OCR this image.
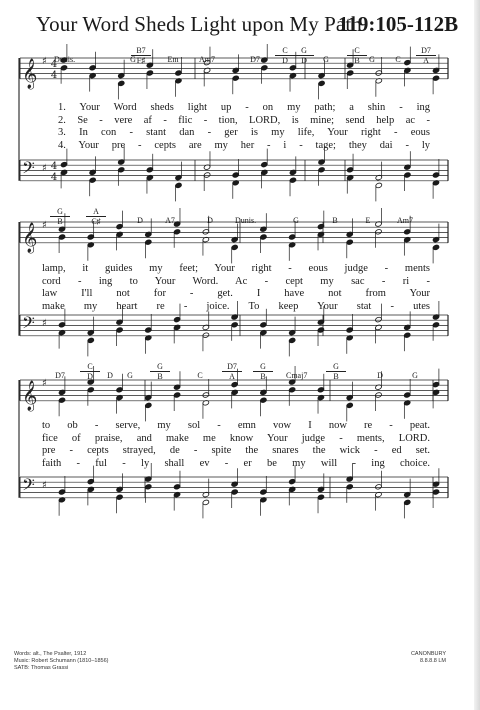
Your Word Sheds Light upon My Path
119:105-112B
𝄞 ♯ 4
4
𝄢 ♯ 4
4
𝄞 ♯
𝄢 ♯
𝄞 ♯
𝄢 ♯
Dunis.	G
B7
F♯	Em	Am7	D7
C
D
G
D	G
C
B	G	C
D7
A
1. Your Word sheds light up - on my path; a shin - ing
2. Se - vere af - flic - tion, LORD, is mine; send help ac -
3. In con - stant dan - ger is my life, Your right - eous
4. Your pre - cepts are my her - i - tage; they dai - ly
G
B
A
C♯	D	A7	D	Dunis.	G	B	E	Am7
lamp, it guides my feet; Your right - eous judge - ments
cord - ing to Your Word. Ac - cept my sac - ri -
law I'll not for - get. I have not from Your
make my heart re - joice. To keep Your stat - utes
D7
C
D	D	G
G
B	C
D7
A
G
B	Cmaj7
G
B	D	G
to ob - serve, my sol - emn vow I now re - peat.
fice of praise, and make me know Your judge - ments, LORD.
pre - cepts strayed, de - spite the snares the wick - ed set.
faith - ful - ly shall ev - er be my will - ing choice.
Words: alt., The Psalter, 1912
Music: Robert Schumann (1810–1856)
SATB: Thomas Grassi
CANONBURY
8.8.8.8 LM
